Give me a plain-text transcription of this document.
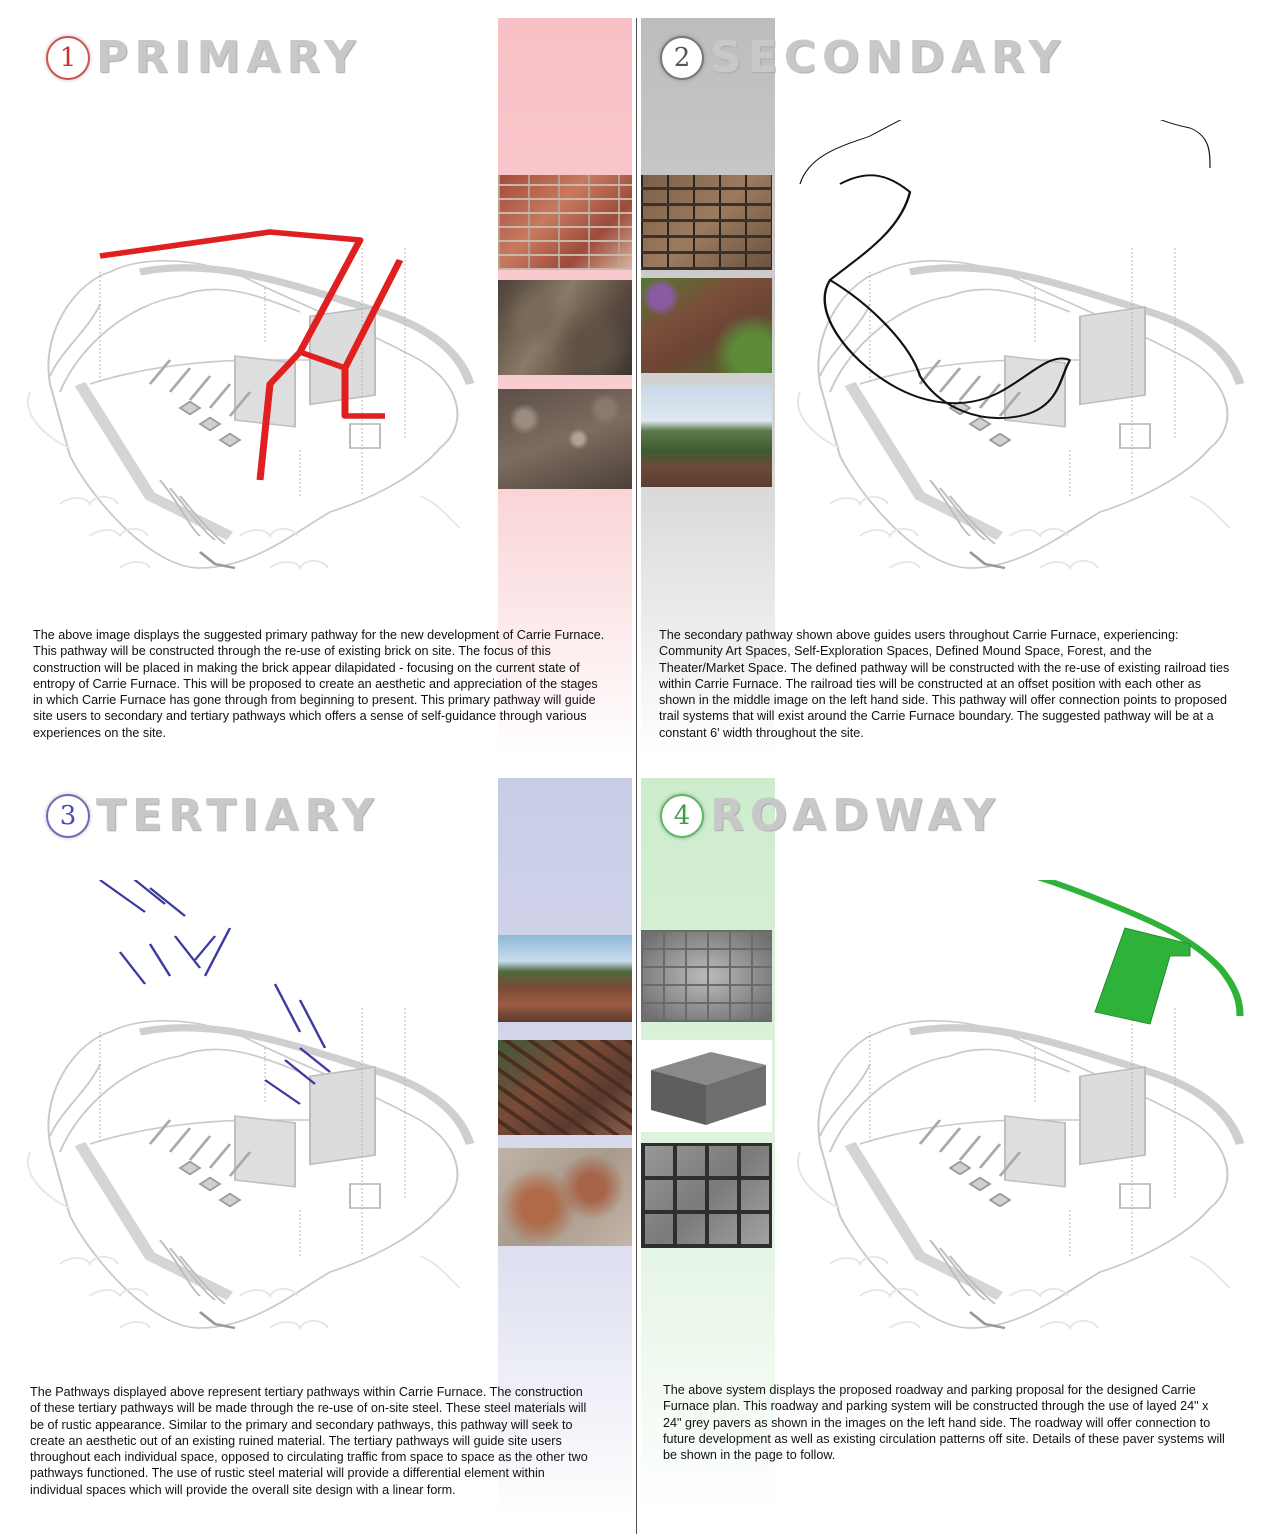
1 PRIMARY
The above image displays the suggested primary pathway for the new development of Carrie Furnace. This pathway will be constructed through the re-use of existing brick on site. The focus of this construction will be placed in making the brick appear dilapidated - focusing on the current state of entropy of Carrie Furnace. This will be proposed to create an aesthetic and appreciation of the stages in which Carrie Furnace has gone through from beginning to present. This primary pathway will guide site users to secondary and tertiary pathways which offers a sense of self-guidance through various experiences on the site.
2 SECONDARY
The secondary pathway shown above guides users throughout Carrie Furnace, experiencing: Community Art Spaces, Self-Exploration Spaces, Defined Mound Space, Forest, and the Theater/Market Space. The defined pathway will be constructed with the re-use of existing railroad ties within Carrie Furnace. The railroad ties will be constructed at an offset position with each other as shown in the middle image on the left hand side. This pathway will offer connection points to proposed trail systems that will exist around the Carrie Furnace boundary. The suggested pathway will be at a constant 6' width throughout the site.
3 TERTIARY
The Pathways displayed above represent tertiary pathways within Carrie Furnace. The construction of these tertiary pathways will be made through the re-use of on-site steel. These steel materials will be of rustic appearance. Similar to the primary and secondary pathways, this pathway will seek to create an aesthetic out of an existing ruined material. The tertiary pathways will guide site users throughout each individual space, opposed to circulating traffic from space to space as the other two pathways functioned. The use of rustic steel material will provide a differential element within individual spaces which will provide the overall site design with a linear form.
4 ROADWAY
The above system displays the proposed roadway and parking proposal for the designed Carrie Furnace plan. This roadway and parking system will be constructed through the use of layed 24" x 24" grey pavers as shown in the images on the left hand side. The roadway will offer connection to future development as well as existing circulation patterns off site. Details of these paver systems will be shown in the page to follow.
